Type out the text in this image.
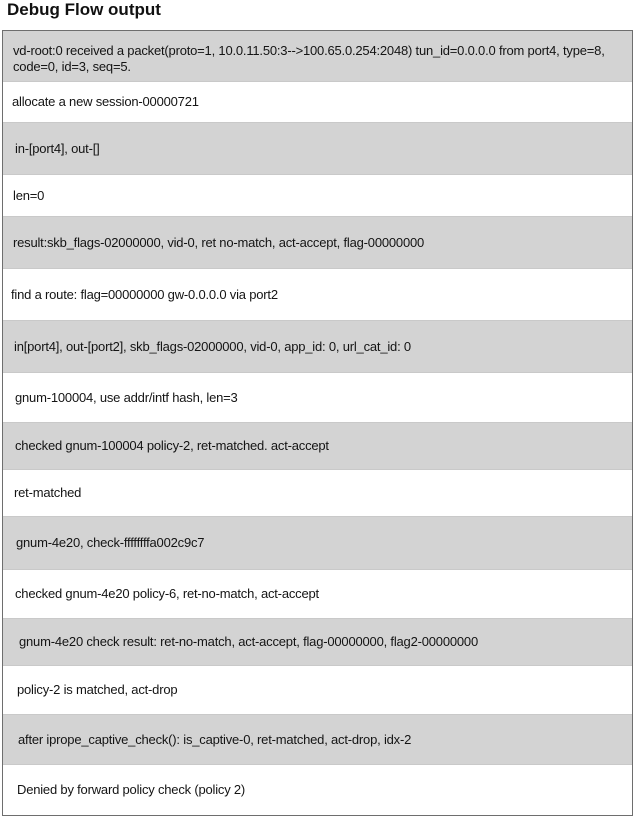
Debug Flow output
vd-root:0 received a packet(proto=1, 10.0.11.50:3-->100.65.0.254:2048) tun_id=0.0.0.0 from port4, type=8, code=0, id=3, seq=5.
allocate a new session-00000721
in-[port4], out-[]
len=0
result:skb_flags-02000000, vid-0, ret no-match, act-accept, flag-00000000
find a route: flag=00000000 gw-0.0.0.0 via port2
in[port4], out-[port2], skb_flags-02000000, vid-0, app_id: 0, url_cat_id: 0
gnum-100004, use addr/intf hash, len=3
checked gnum-100004 policy-2, ret-matched. act-accept
ret-matched
gnum-4e20, check-ffffffffa002c9c7
checked gnum-4e20 policy-6, ret-no-match, act-accept
gnum-4e20 check result: ret-no-match, act-accept, flag-00000000, flag2-00000000
policy-2 is matched, act-drop
after iprope_captive_check(): is_captive-0, ret-matched, act-drop, idx-2
Denied by forward policy check (policy 2)
